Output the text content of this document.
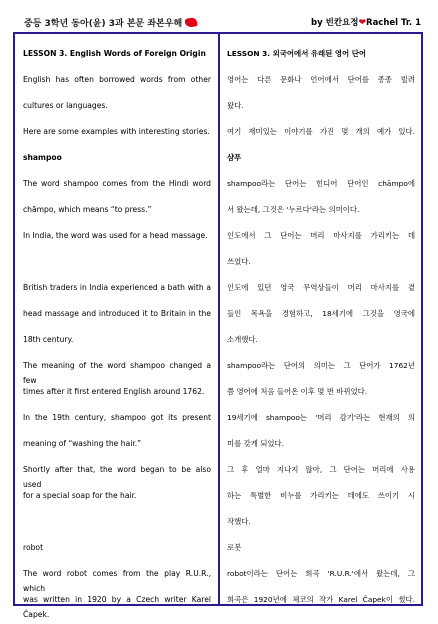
중등 3학년 동아(윤) 3과 본문 좌본우해	by 빈칸요정❤Rachel Tr. 1
LESSON 3. English Words of Foreign Origin
English has often borrowed words from other
cultures or languages.
Here are some examples with interesting stories.
shampoo
The word shampoo comes from the Hindi word
chāmpo, which means “to press.”
In India, the word was used for a head massage.
British traders in India experienced a bath with a
head massage and introduced it to Britain in the
18th century.
The meaning of the word shampoo changed a few
times after it first entered English around 1762.
In the 19th century, shampoo got its present
meaning of “washing the hair.”
Shortly after that, the word began to be also used
for a special soap for the hair.
robot
The word robot comes from the play R.U.R., which
was written in 1920 by a Czech writer Karel Čapek.
LESSON 3. 외국어에서 유래된 영어 단어
영어는 다른 문화나 언어에서 단어를 종종 빌려
왔다.
여기 재미있는 이야기를 가진 몇 개의 예가 있다.
샴푸
shampoo라는 단어는 힌디어 단어인 chāmpo에
서 왔는데, 그것은 '누르다'라는 의미이다.
인도에서 그 단어는 머리 마사지를 가리키는 데
쓰였다.
인도에 있던 영국 무역상들이 머리 마사지를 곁
들인 목욕을 경험하고, 18세기에 그것을 영국에
소개했다.
shampoo라는 단어의 의미는 그 단어가 1762년
쯤 영어에 처음 들어온 이후 몇 번 바뀌었다.
19세기에 shampoo는 '머리 감기'라는 현재의 의
미를 갖게 되었다.
그 후 얼마 지나지 않아, 그 단어는 머리에 사용
하는 특별한 비누를 가리키는 데에도 쓰이기 시
작했다.
로봇
robot이라는 단어는 희곡 'R.U.R.'에서 왔는데, 그
희곡은 1920년에 체코의 작가 Karel Čapek이 썼다.
